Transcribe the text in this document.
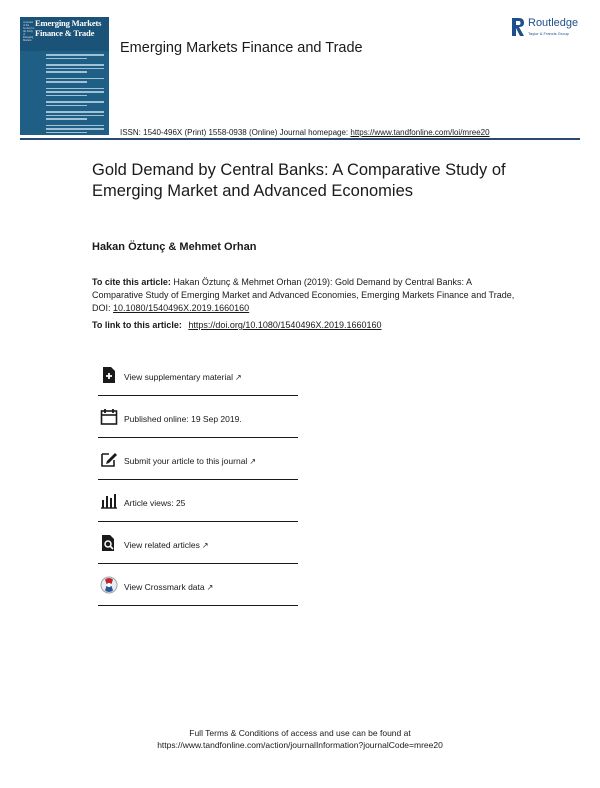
A Journal of the Society for the Study of Emerging Markets
Emerging Markets
Finance & Trade
Emerging Markets Finance and Trade
Routledge
Taylor & Francis Group
ISSN: 1540-496X (Print) 1558-0938 (Online) Journal homepage: https://www.tandfonline.com/loi/mree20
Gold Demand by Central Banks: A Comparative Study of Emerging Market and Advanced Economies
Hakan Öztunç & Mehmet Orhan
To cite this article: Hakan Öztunç & Mehmet Orhan (2019): Gold Demand by Central Banks: A Comparative Study of Emerging Market and Advanced Economies, Emerging Markets Finance and Trade, DOI: 10.1080/1540496X.2019.1660160
To link to this article: https://doi.org/10.1080/1540496X.2019.1660160
View supplementary material ↗
Published online: 19 Sep 2019.
Submit your article to this journal ↗
Article views: 25
View related articles ↗
View Crossmark data ↗
Full Terms & Conditions of access and use can be found at
https://www.tandfonline.com/action/journalInformation?journalCode=mree20
